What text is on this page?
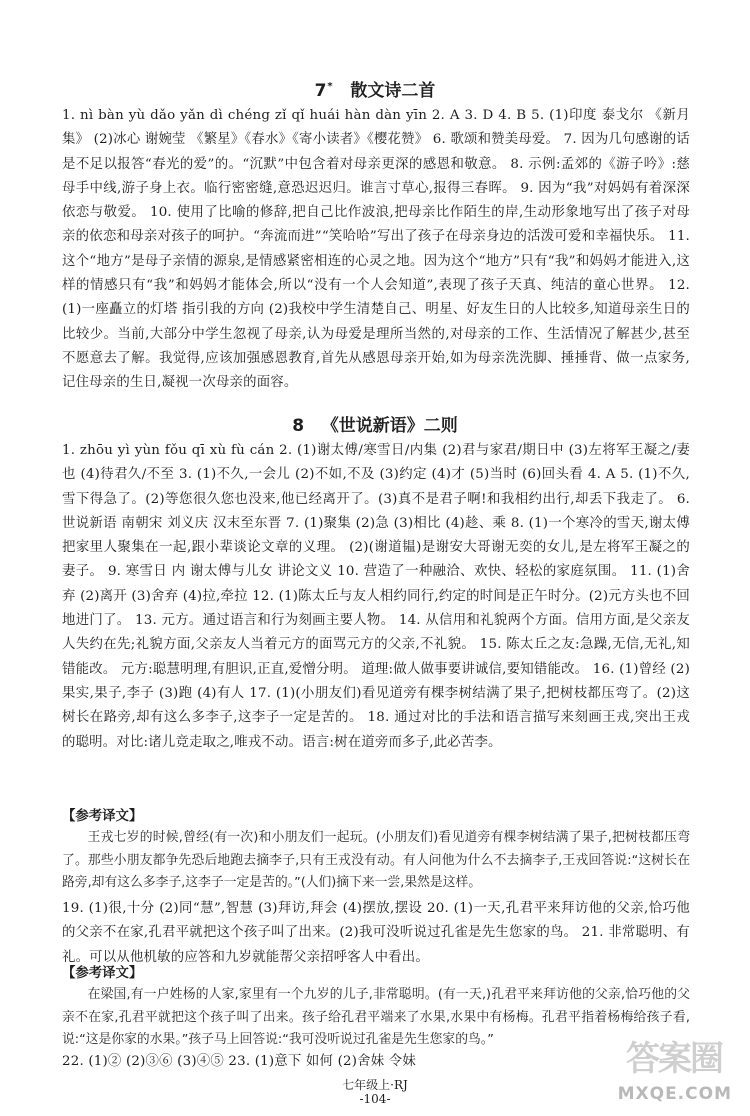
7* 散文诗二首
1. nì bàn yù dǎo yǎn dì chéng zǐ qǐ huái hàn dàn yīn 2. A 3. D 4. B 5. (1)印度 泰戈尔 《新月集》 (2)冰心 谢婉莹 《繁星》《春水》《寄小读者》《樱花赞》 6. 歌颂和赞美母爱。 7. 因为几句感谢的话是不足以报答“春光的爱”的。“沉默”中包含着对母亲更深的感恩和敬意。 8. 示例:孟郊的《游子吟》:慈母手中线,游子身上衣。临行密密缝,意恐迟迟归。谁言寸草心,报得三春晖。 9. 因为“我”对妈妈有着深深依恋与敬爱。 10. 使用了比喻的修辞,把自己比作波浪,把母亲比作陌生的岸,生动形象地写出了孩子对母亲的依恋和母亲对孩子的呵护。“奔流而进”“笑哈哈”写出了孩子在母亲身边的活泼可爱和幸福快乐。 11. 这个“地方”是母子亲情的源泉,是情感紧密相连的心灵之地。因为这个“地方”只有“我”和妈妈才能进入,这样的情感只有“我”和妈妈才能体会,所以“没有一个人会知道”,表现了孩子天真、纯洁的童心世界。 12. (1)一座矗立的灯塔 指引我的方向 (2)我校中学生清楚自己、明星、好友生日的人比较多,知道母亲生日的比较少。当前,大部分中学生忽视了母亲,认为母爱是理所当然的,对母亲的工作、生活情况了解甚少,甚至不愿意去了解。我觉得,应该加强感恩教育,首先从感恩母亲开始,如为母亲洗洗脚、捶捶背、做一点家务,记住母亲的生日,凝视一次母亲的面容。
8 《世说新语》二则
1. zhōu yì yùn fǒu qī xù fù cán 2. (1)谢太傅/寒雪日/内集 (2)君与家君/期日中 (3)左将军王凝之/妻也 (4)待君久/不至 3. (1)不久,一会儿 (2)不如,不及 (3)约定 (4)才 (5)当时 (6)回头看 4. A 5. (1)不久,雪下得急了。(2)等您很久您也没来,他已经离开了。(3)真不是君子啊!和我相约出行,却丢下我走了。 6. 世说新语 南朝宋 刘义庆 汉末至东晋 7. (1)聚集 (2)急 (3)相比 (4)趁、乘 8. (1)一个寒冷的雪天,谢太傅把家里人聚集在一起,跟小辈谈论文章的义理。 (2)(谢道韫)是谢安大哥谢无奕的女儿,是左将军王凝之的妻子。 9. 寒雪日 内 谢太傅与儿女 讲论文义 10. 营造了一种融洽、欢快、轻松的家庭氛围。 11. (1)舍弃 (2)离开 (3)舍弃 (4)拉,牵拉 12. (1)陈太丘与友人相约同行,约定的时间是正午时分。(2)元方头也不回地进门了。 13. 元方。通过语言和行为刻画主要人物。 14. 从信用和礼貌两个方面。信用方面,是父亲友人失约在先;礼貌方面,父亲友人当着元方的面骂元方的父亲,不礼貌。 15. 陈太丘之友:急躁,无信,无礼,知错能改。 元方:聪慧明理,有胆识,正直,爱憎分明。 道理:做人做事要讲诚信,要知错能改。 16. (1)曾经 (2)果实,果子,李子 (3)跑 (4)有人 17. (1)(小朋友们)看见道旁有棵李树结满了果子,把树枝都压弯了。(2)这树长在路旁,却有这么多李子,这李子一定是苦的。 18. 通过对比的手法和语言描写来刻画王戎,突出王戎的聪明。对比:诸儿竞走取之,唯戎不动。语言:树在道旁而多子,此必苦李。
【参考译文】
王戎七岁的时候,曾经(有一次)和小朋友们一起玩。(小朋友们)看见道旁有棵李树结满了果子,把树枝都压弯了。那些小朋友都争先恐后地跑去摘李子,只有王戎没有动。有人问他为什么不去摘李子,王戎回答说:“这树长在路旁,却有这么多李子,这李子一定是苦的。”(人们)摘下来一尝,果然是这样。
19. (1)很,十分 (2)同“慧”,智慧 (3)拜访,拜会 (4)摆放,摆设 20. (1)一天,孔君平来拜访他的父亲,恰巧他的父亲不在家,孔君平就把这个孩子叫了出来。(2)我可没听说过孔雀是先生您家的鸟。 21. 非常聪明、有礼。可以从他机敏的应答和九岁就能帮父亲招呼客人中看出。
【参考译文】
在梁国,有一户姓杨的人家,家里有一个九岁的儿子,非常聪明。(有一天,)孔君平来拜访他的父亲,恰巧他的父亲不在家,孔君平就把这个孩子叫了出来。孩子给孔君平端来了水果,水果中有杨梅。孔君平指着杨梅给孩子看,说:“这是你家的水果。”孩子马上回答说:“我可没听说过孔雀是先生您家的鸟。”
22. (1)② (2)③⑥ (3)④⑤ 23. (1)意下 如何 (2)舍妹 令妹
七年级上·RJ
-104-
答案圈
MXQE.COM
